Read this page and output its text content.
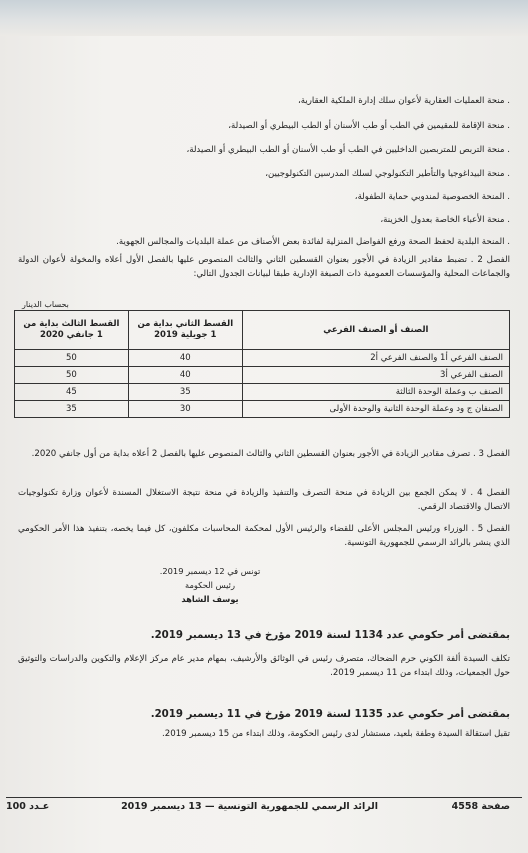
. منحة العمليات العقارية لأعوان سلك إدارة الملكية العقارية،
. منحة الإقامة للمقيمين في الطب أو طب الأسنان أو الطب البيطري أو الصيدلة،
. منحة التربص للمتربصين الداخليين في الطب أو طب الأسنان أو الطب البيطري أو الصيدلة،
. منحة البيداغوجيا والتأطير التكنولوجي لسلك المدرسين التكنولوجيين،
. المنحة الخصوصية لمندوبي حماية الطفولة،
. منحة الأعباء الخاصة بعدول الخزينة،
. المنحة البلدية لحفظ الصحة ورفع الفواضل المنزلية لفائدة بعض الأصناف من عملة البلديات والمجالس الجهوية.
الفصل 2 . تضبط مقادير الزيادة في الأجور بعنوان القسطين الثاني والثالث المنصوص عليها بالفصل الأول أعلاه والمخولة لأعوان الدولة والجماعات المحلية والمؤسسات العمومية ذات الصبغة الإدارية طبقا لبيانات الجدول التالي:
بحساب الدينار
الصنف أو الصنف الفرعي	القسط الثاني بداية من 1 جويلية 2019	القسط الثالث بداية من 1 جانفي 2020
الصنف الفرعي أ1 والصنف الفرعي أ2	40	50
الصنف الفرعي أ3	40	50
الصنف ب وعملة الوحدة الثالثة	35	45
الصنفان ج ود وعملة الوحدة الثانية والوحدة الأولى	30	35
الفصل 3 . تصرف مقادير الزيادة في الأجور بعنوان القسطين الثاني والثالث المنصوص عليها بالفصل 2 أعلاه بداية من أول جانفي 2020.
الفصل 4 . لا يمكن الجمع بين الزيادة في منحة التصرف والتنفيذ والزيادة في منحة نتيجة الاستغلال المسندة لأعوان وزارة تكنولوجيات الاتصال والاقتصاد الرقمي.
الفصل 5 . الوزراء ورئيس المجلس الأعلى للقضاء والرئيس الأول لمحكمة المحاسبات مكلفون، كل فيما يخصه، بتنفيذ هذا الأمر الحكومي الذي ينشر بالرائد الرسمي للجمهورية التونسية.
تونس في 12 ديسمبر 2019.
رئيس الحكومة
يوسف الشاهد
بمقتضى أمر حكومي عدد 1134 لسنة 2019 مؤرخ في 13 ديسمبر 2019.
تكلف السيدة ألفة الكوني حرم الضحاك، متصرف رئيس في الوثائق والأرشيف، بمهام مدير عام مركز الإعلام والتكوين والدراسات والتوثيق حول الجمعيات، وذلك ابتداء من 11 ديسمبر 2019.
بمقتضى أمر حكومي عدد 1135 لسنة 2019 مؤرخ في 11 ديسمبر 2019.
تقبل استقالة السيدة وطفة بلعيد، مستشار لدى رئيس الحكومة، وذلك ابتداء من 15 ديسمبر 2019.
صفحة 4558
الرائد الرسمي للجمهورية التونسية — 13 ديسمبر 2019
عـدد 100
